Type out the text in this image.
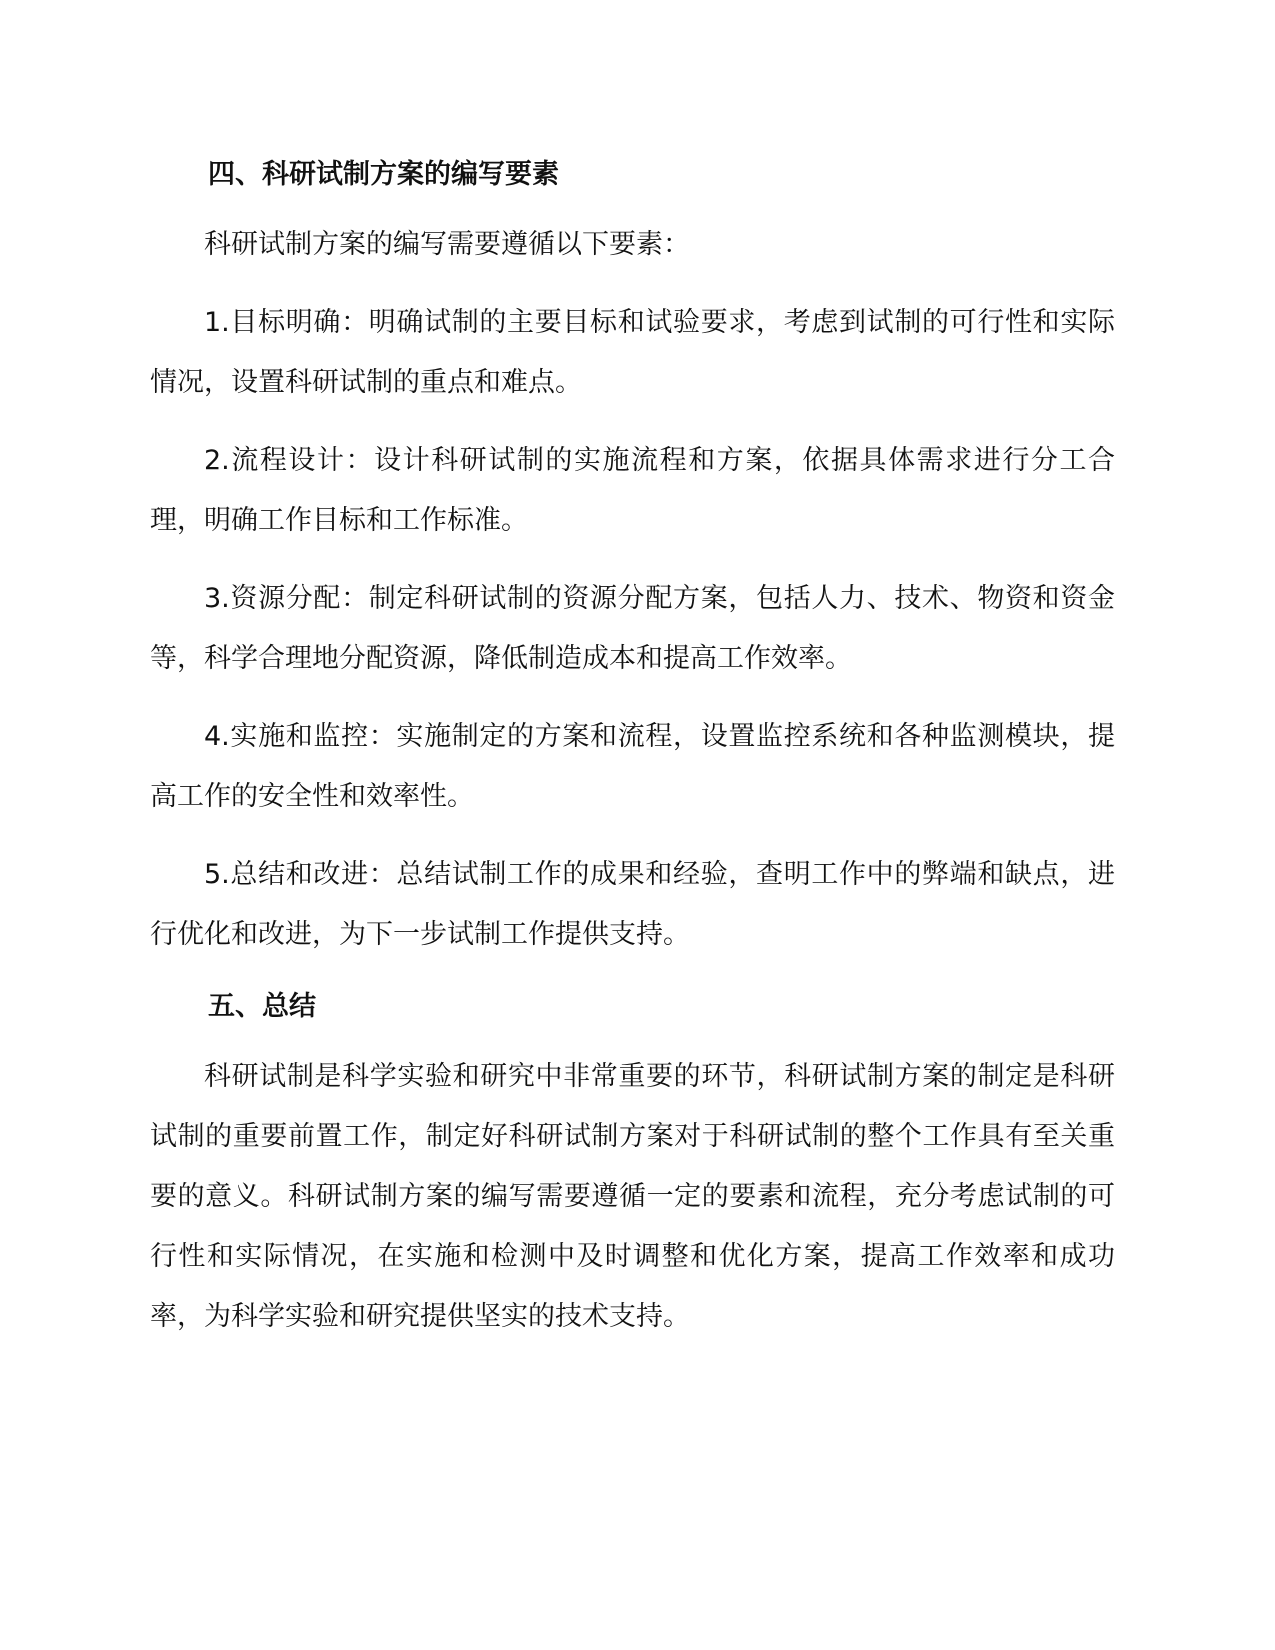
四、科研试制方案的编写要素

科研试制方案的编写需要遵循以下要素：

1.目标明确：明确试制的主要目标和试验要求，考虑到试制的可行性和实际情况，设置科研试制的重点和难点。

2.流程设计：设计科研试制的实施流程和方案，依据具体需求进行分工合理，明确工作目标和工作标准。

3.资源分配：制定科研试制的资源分配方案，包括人力、技术、物资和资金等，科学合理地分配资源，降低制造成本和提高工作效率。

4.实施和监控：实施制定的方案和流程，设置监控系统和各种监测模块，提高工作的安全性和效率性。

5.总结和改进：总结试制工作的成果和经验，查明工作中的弊端和缺点，进行优化和改进，为下一步试制工作提供支持。

五、总结

科研试制是科学实验和研究中非常重要的环节，科研试制方案的制定是科研试制的重要前置工作，制定好科研试制方案对于科研试制的整个工作具有至关重要的意义。科研试制方案的编写需要遵循一定的要素和流程，充分考虑试制的可行性和实际情况，在实施和检测中及时调整和优化方案，提高工作效率和成功率，为科学实验和研究提供坚实的技术支持。
